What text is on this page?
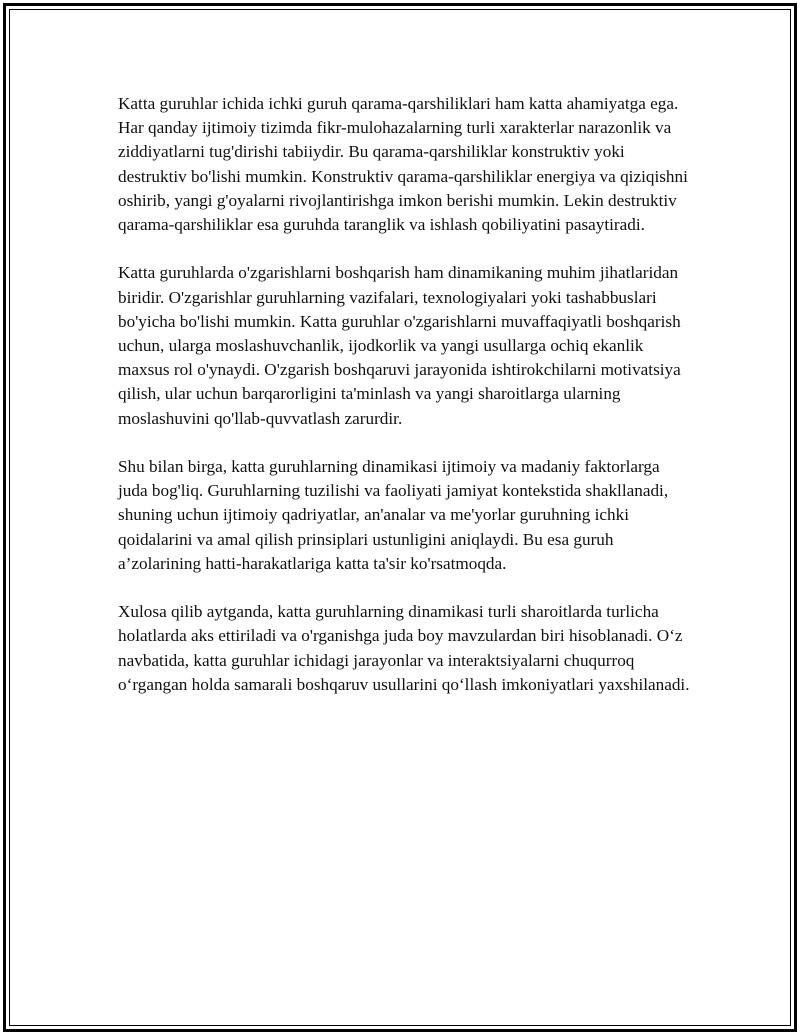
Katta guruhlar ichida ichki guruh qarama-qarshiliklari ham katta ahamiyatga ega. Har qanday ijtimoiy tizimda fikr-mulohazalarning turli xarakterlar narazonlik va ziddiyatlarni tug'dirishi tabiiydir. Bu qarama-qarshiliklar konstruktiv yoki destruktiv bo'lishi mumkin. Konstruktiv qarama-qarshiliklar energiya va qiziqishni oshirib, yangi g'oyalarni rivojlantirishga imkon berishi mumkin. Lekin destruktiv qarama-qarshiliklar esa guruhda taranglik va ishlash qobiliyatini pasaytiradi.

Katta guruhlarda o'zgarishlarni boshqarish ham dinamikaning muhim jihatlaridan biridir. O'zgarishlar guruhlarning vazifalari, texnologiyalari yoki tashabbuslari bo'yicha bo'lishi mumkin. Katta guruhlar o'zgarishlarni muvaffaqiyatli boshqarish uchun, ularga moslashuvchanlik, ijodkorlik va yangi usullarga ochiq ekanlik maxsus rol o'ynaydi. O'zgarish boshqaruvi jarayonida ishtirokchilarni motivatsiya qilish, ular uchun barqarorligini ta'minlash va yangi sharoitlarga ularning moslashuvini qo'llab-quvvatlash zarurdir.

Shu bilan birga, katta guruhlarning dinamikasi ijtimoiy va madaniy faktorlarga juda bog'liq. Guruhlarning tuzilishi va faoliyati jamiyat kontekstida shakllanadi, shuning uchun ijtimoiy qadriyatlar, an'analar va me'yorlar guruhning ichki qoidalarini va amal qilish prinsiplari ustunligini aniqlaydi. Bu esa guruh a’zolarining hatti-harakatlariga katta ta'sir ko'rsatmoqda.

Xulosa qilib aytganda, katta guruhlarning dinamikasi turli sharoitlarda turlicha holatlarda aks ettiriladi va o'rganishga juda boy mavzulardan biri hisoblanadi. O‘z navbatida, katta guruhlar ichidagi jarayonlar va interaktsiyalarni chuqurroq o‘rgangan holda samarali boshqaruv usullarini qo‘llash imkoniyatlari yaxshilanadi.
